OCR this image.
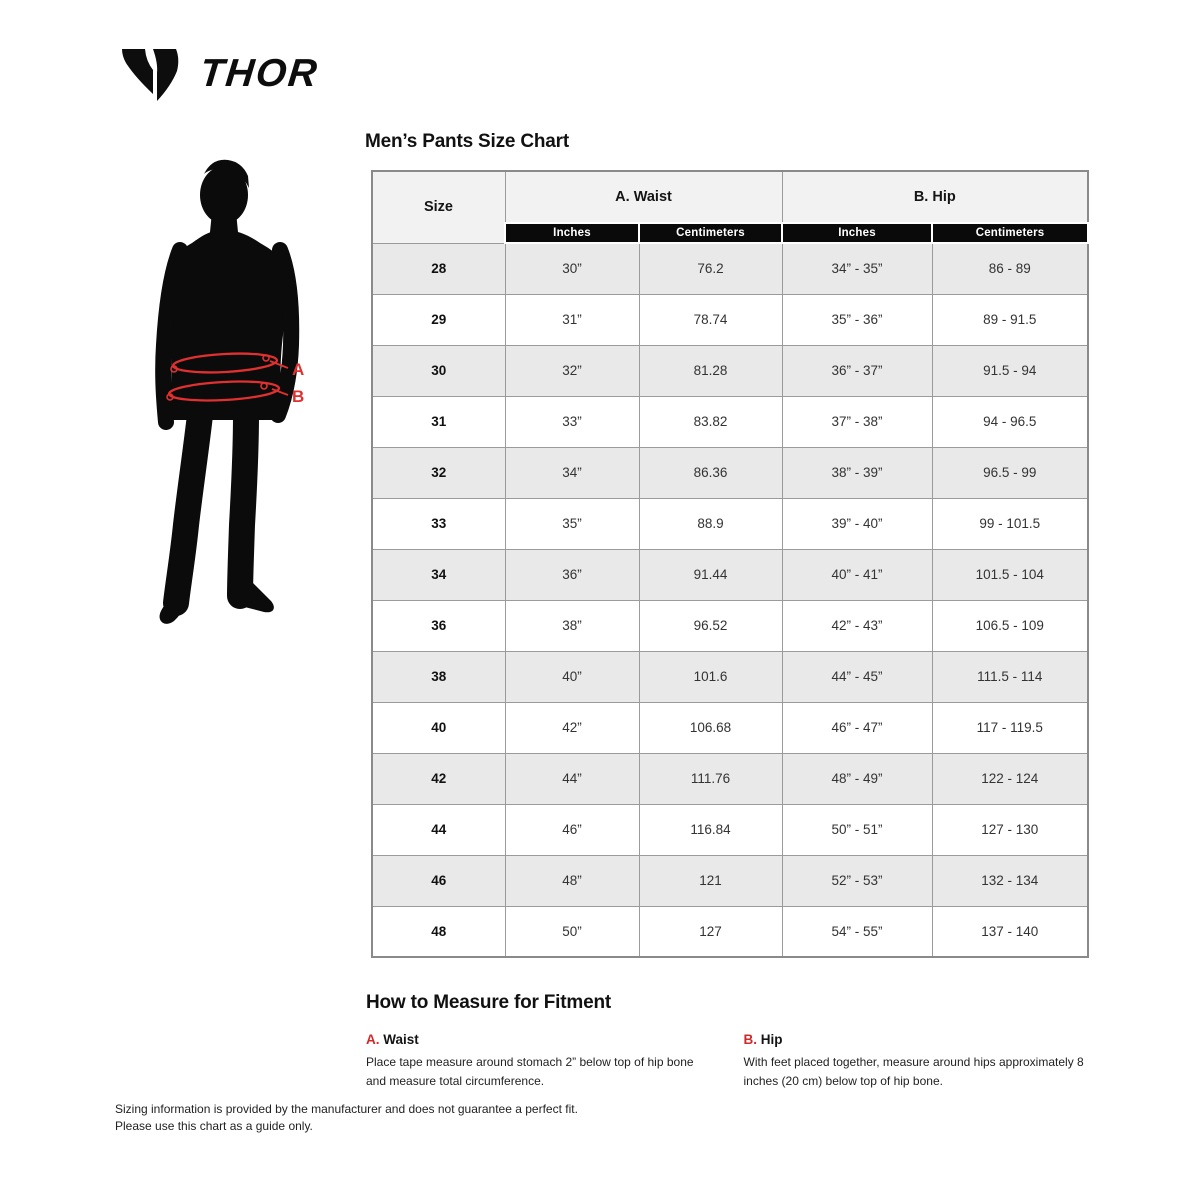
THOR
A
B
Men’s Pants Size Chart
Size	A. Waist		B. Hip	
	Inches	Centimeters	Inches	Centimeters
28	30”	76.2	34” - 35”	86 - 89
29	31”	78.74	35” - 36”	89 - 91.5
30	32”	81.28	36” - 37”	91.5 - 94
31	33”	83.82	37” - 38”	94 - 96.5
32	34”	86.36	38” - 39”	96.5 - 99
33	35”	88.9	39” - 40”	99 - 101.5
34	36”	91.44	40” - 41”	101.5 - 104
36	38”	96.52	42” - 43”	106.5 - 109
38	40”	101.6	44” - 45”	111.5 - 114
40	42”	106.68	46” - 47”	117 - 119.5
42	44”	111.76	48” - 49”	122 - 124
44	46”	116.84	50” - 51”	127 - 130
46	48”	121	52” - 53”	132 - 134
48	50”	127	54” - 55”	137 - 140
How to Measure for Fitment
A. Waist

Place tape measure around stomach 2” below top of hip bone and measure total circumference.

B. Hip

With feet placed together, measure around hips approximately 8 inches (20 cm) below top of hip bone.

Sizing information is provided by the manufacturer and does not guarantee a perfect fit.

Please use this chart as a guide only.
